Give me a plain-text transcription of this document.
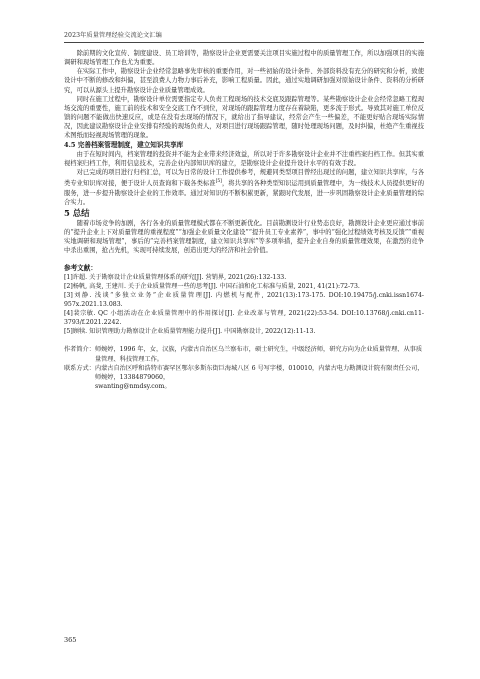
2023年质量管理经验交流论文汇编

除前期的文化宣传、制度建设、员工培训等，勘察设计企业更需要关注项目实施过程中的质量管理工作，所以加强项目的实施调研和现场管理工作也尤为重要。

在实际工作中，勘察设计企业经常忽略事先审核的重要作用，对一些初始的设计条件、外部资料没有充分的研究和分析，致使设计中不断的修改和纠偏，甚至浪费人力物力事后补充，影响工程质量。因此，通过实地调研加强对原始设计条件、资料的分析研究，可以从源头上提升勘察设计企业质量管理成效。

同时在施工过程中，勘察设计单位需要指定专人负责工程现场的技术交底及跟踪管理等。某些勘察设计企业会经常忽略工程现场交流的重要性，施工前的技术和安全交底工作不到位，对现场的跟踪管理力度存在着缺陷，更多流于形式。导致其对施工单位反馈的问题不能做出快速反应，或是在没有去现场的情况下，就给出了指导建议，经常会产生一些偏差，不能更好贴合现场实际情况，因此建议勘察设计企业安排有经验的现场负责人，对项目进行现场跟踪管理，随时处理现场问题，及时纠偏，杜绝产生重视技术图纸而轻视现场管理的现象。

4.5 完善档案管理制度，建立知识共享库

由于在短时间内，档案管理的投资并不能为企业带来经济效益，所以对于许多勘察设计企业并不注重档案归档工作。但其实重视档案归档工作，利用信息技术，完善企业内部知识库的建立，是勘察设计企业提升设计水平的有效手段。

对已完成的项目进行归档汇总，可以为日常的设计工作提供参考，规避同类型项目曾经出现过的问题，建立知识共享库，与各类专业知识库对接，便于设计人员查询和下载各类标准[5]，将共享的各种类型知识运用到质量管理中，为一线技术人员提供更好的服务，进一步提升勘察设计企业的工作效率。通过对知识的不断积累更新，紧跟时代发展，进一步巩固勘察设计企业质量管理的综合实力。

5 总结

随着市场竞争的加剧，各行各业的质量管理模式都在不断更新优化。目前勘测设计行业势态良好，勘测设计企业更应通过事前的“提升企业上下对质量管理的重视程度”“加强企业质量文化建设”“提升员工专业素养”，事中的“强化过程绩效考核及反馈”“重视实地调研和现场管理”，事后的“完善档案管理制度，建立知识共享库”等多项举措，提升企业自身的质量管理效果，在激烈的竞争中杀出重围，抢占先机，实现可持续发展，创造出更大的经济和社会价值。

参考文献：

[1]许超. 关于勘察设计企业质量管理体系的研究[J]. 营销界, 2021(26):132-133.

[2]杨帆, 高斐, 王建川. 关于企业质量管理一些的思考[J]. 中国石油和化工标准与质量, 2021, 41(21):72-73.

[3]刘静. 浅谈“多独立业务”企业质量管理[J]. 内燃机与配件, 2021(13):173-175. DOI:10.19475/j.cnki.issn1674-957x.2021.13.083.

[4]裴宗敏. QC 小组活动在企业质量管理中的作用探讨[J]. 企业改革与管理, 2021(22):53-54. DOI:10.13768/j.cnki.cn11-3793/f.2021.2242.

[5]顾犊. 知识管理助力勘察设计企业质量管理能力提升[J]. 中国勘察设计, 2022(12):11-13.

作者简介： 师婉婷，1996 年，女，汉族，内蒙古自治区乌兰察布市，硕士研究生，中级经济师，研究方向为企业质量管理、从事质量管理、科技管理工作。
联系方式： 内蒙古自治区呼和浩特市赛罕区鄂尔多斯东街巨海城八区 6 号写字楼，010010，内蒙古电力勘测设计院有限责任公司，师婉婷，13384879060，
swanting@nmdsy.com。
365
